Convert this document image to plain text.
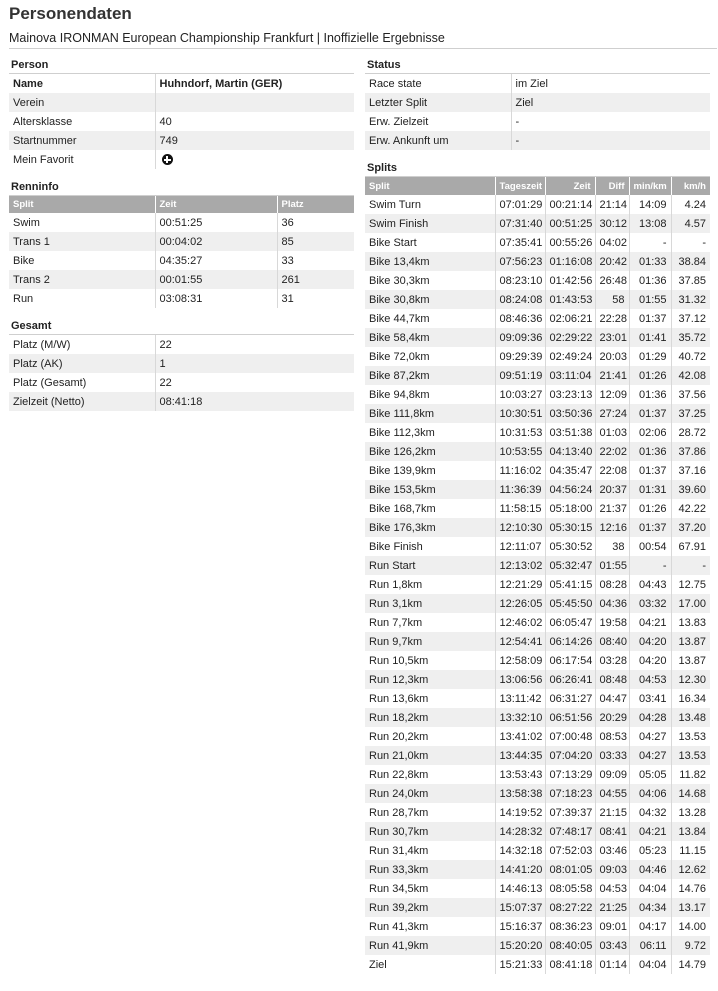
Personendaten
Mainova IRONMAN European Championship Frankfurt | Inoffizielle Ergebnisse
Person
Name	Huhndorf, Martin (GER)
Verein	
Altersklasse	40
Startnummer	749
Mein Favorit	
Renninfo
Split	Zeit	Platz
Swim	00:51:25	36
Trans 1	00:04:02	85
Bike	04:35:27	33
Trans 2	00:01:55	261
Run	03:08:31	31
Gesamt
Platz (M/W)	22
Platz (AK)	1
Platz (Gesamt)	22
Zielzeit (Netto)	08:41:18
Status
Race state	im Ziel
Letzter Split	Ziel
Erw. Zielzeit	-
Erw. Ankunft um	-
Splits
Split	Tageszeit	Zeit	Diff	min/km	km/h
Swim Turn	07:01:29	00:21:14	21:14	14:09	4.24
Swim Finish	07:31:40	00:51:25	30:12	13:08	4.57
Bike Start	07:35:41	00:55:26	04:02	-	-
Bike 13,4km	07:56:23	01:16:08	20:42	01:33	38.84
Bike 30,3km	08:23:10	01:42:56	26:48	01:36	37.85
Bike 30,8km	08:24:08	01:43:53	58	01:55	31.32
Bike 44,7km	08:46:36	02:06:21	22:28	01:37	37.12
Bike 58,4km	09:09:36	02:29:22	23:01	01:41	35.72
Bike 72,0km	09:29:39	02:49:24	20:03	01:29	40.72
Bike 87,2km	09:51:19	03:11:04	21:41	01:26	42.08
Bike 94,8km	10:03:27	03:23:13	12:09	01:36	37.56
Bike 111,8km	10:30:51	03:50:36	27:24	01:37	37.25
Bike 112,3km	10:31:53	03:51:38	01:03	02:06	28.72
Bike 126,2km	10:53:55	04:13:40	22:02	01:36	37.86
Bike 139,9km	11:16:02	04:35:47	22:08	01:37	37.16
Bike 153,5km	11:36:39	04:56:24	20:37	01:31	39.60
Bike 168,7km	11:58:15	05:18:00	21:37	01:26	42.22
Bike 176,3km	12:10:30	05:30:15	12:16	01:37	37.20
Bike Finish	12:11:07	05:30:52	38	00:54	67.91
Run Start	12:13:02	05:32:47	01:55	-	-
Run 1,8km	12:21:29	05:41:15	08:28	04:43	12.75
Run 3,1km	12:26:05	05:45:50	04:36	03:32	17.00
Run 7,7km	12:46:02	06:05:47	19:58	04:21	13.83
Run 9,7km	12:54:41	06:14:26	08:40	04:20	13.87
Run 10,5km	12:58:09	06:17:54	03:28	04:20	13.87
Run 12,3km	13:06:56	06:26:41	08:48	04:53	12.30
Run 13,6km	13:11:42	06:31:27	04:47	03:41	16.34
Run 18,2km	13:32:10	06:51:56	20:29	04:28	13.48
Run 20,2km	13:41:02	07:00:48	08:53	04:27	13.53
Run 21,0km	13:44:35	07:04:20	03:33	04:27	13.53
Run 22,8km	13:53:43	07:13:29	09:09	05:05	11.82
Run 24,0km	13:58:38	07:18:23	04:55	04:06	14.68
Run 28,7km	14:19:52	07:39:37	21:15	04:32	13.28
Run 30,7km	14:28:32	07:48:17	08:41	04:21	13.84
Run 31,4km	14:32:18	07:52:03	03:46	05:23	11.15
Run 33,3km	14:41:20	08:01:05	09:03	04:46	12.62
Run 34,5km	14:46:13	08:05:58	04:53	04:04	14.76
Run 39,2km	15:07:37	08:27:22	21:25	04:34	13.17
Run 41,3km	15:16:37	08:36:23	09:01	04:17	14.00
Run 41,9km	15:20:20	08:40:05	03:43	06:11	9.72
Ziel	15:21:33	08:41:18	01:14	04:04	14.79
